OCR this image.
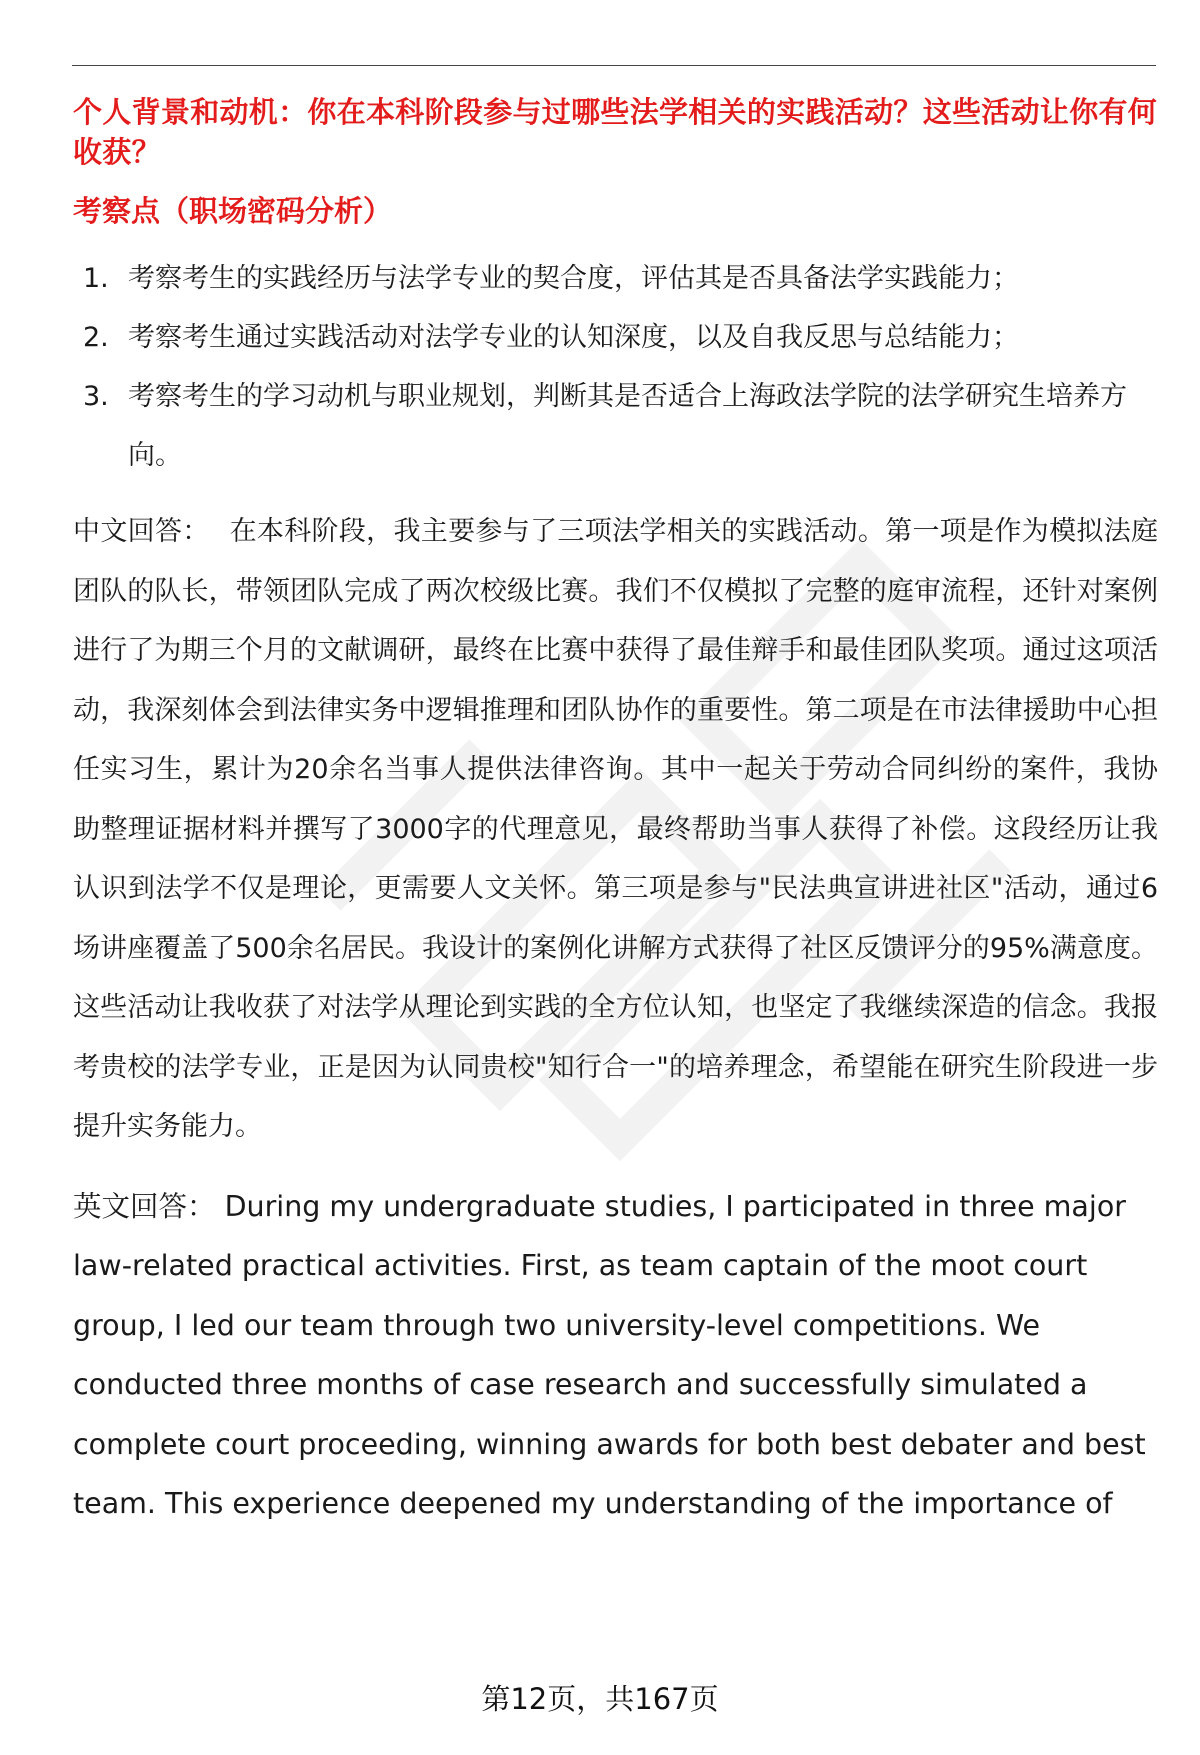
个人背景和动机：你在本科阶段参与过哪些法学相关的实践活动？这些活动让你有何收获？

考察点（职场密码分析）

1. 考察考生的实践经历与法学专业的契合度，评估其是否具备法学实践能力；
2. 考察考生通过实践活动对法学专业的认知深度，以及自我反思与总结能力；
3. 考察考生的学习动机与职业规划，判断其是否适合上海政法学院的法学研究生培养方向。

中文回答： 在本科阶段，我主要参与了三项法学相关的实践活动。第一项是作为模拟法庭团队的队长，带领团队完成了两次校级比赛。我们不仅模拟了完整的庭审流程，还针对案例进行了为期三个月的文献调研，最终在比赛中获得了最佳辩手和最佳团队奖项。通过这项活动，我深刻体会到法律实务中逻辑推理和团队协作的重要性。第二项是在市法律援助中心担任实习生，累计为20余名当事人提供法律咨询。其中一起关于劳动合同纠纷的案件，我协助整理证据材料并撰写了3000字的代理意见，最终帮助当事人获得了补偿。这段经历让我认识到法学不仅是理论，更需要人文关怀。第三项是参与"民法典宣讲进社区"活动，通过6场讲座覆盖了500余名居民。我设计的案例化讲解方式获得了社区反馈评分的95%满意度。这些活动让我收获了对法学从理论到实践的全方位认知，也坚定了我继续深造的信念。我报考贵校的法学专业，正是因为认同贵校"知行合一"的培养理念，希望能在研究生阶段进一步提升实务能力。

英文回答： During my undergraduate studies, I participated in three major law-related practical activities. First, as team captain of the moot court group, I led our team through two university-level competitions. We conducted three months of case research and successfully simulated a complete court proceeding, winning awards for both best debater and best team. This experience deepened my understanding of the importance of

第12页，共167页
